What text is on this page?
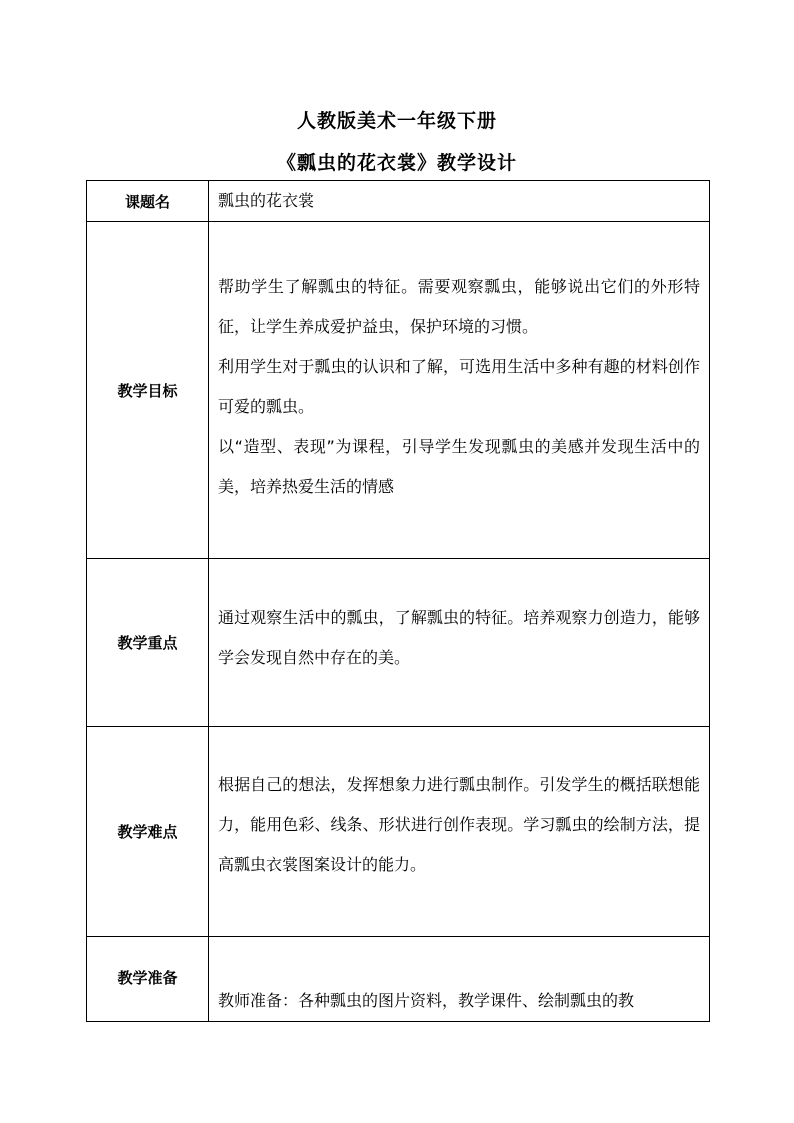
人教版美术一年级下册
《瓢虫的花衣裳》教学设计
课题名	瓢虫的花衣裳

教学目标	帮助学生了解瓢虫的特征。需要观察瓢虫，能够说出它们的外形特征，让学生养成爱护益虫，保护环境的习惯。

利用学生对于瓢虫的认识和了解，可选用生活中多种有趣的材料创作可爱的瓢虫。

以“造型、表现”为课程，引导学生发现瓢虫的美感并发现生活中的美，培养热爱生活的情感

教学重点	通过观察生活中的瓢虫，了解瓢虫的特征。培养观察力创造力，能够学会发现自然中存在的美。

教学难点	根据自己的想法，发挥想象力进行瓢虫制作。引发学生的概括联想能力，能用色彩、线条、形状进行创作表现。学习瓢虫的绘制方法，提高瓢虫衣裳图案设计的能力。

教学准备	教师准备：各种瓢虫的图片资料，教学课件、绘制瓢虫的教
